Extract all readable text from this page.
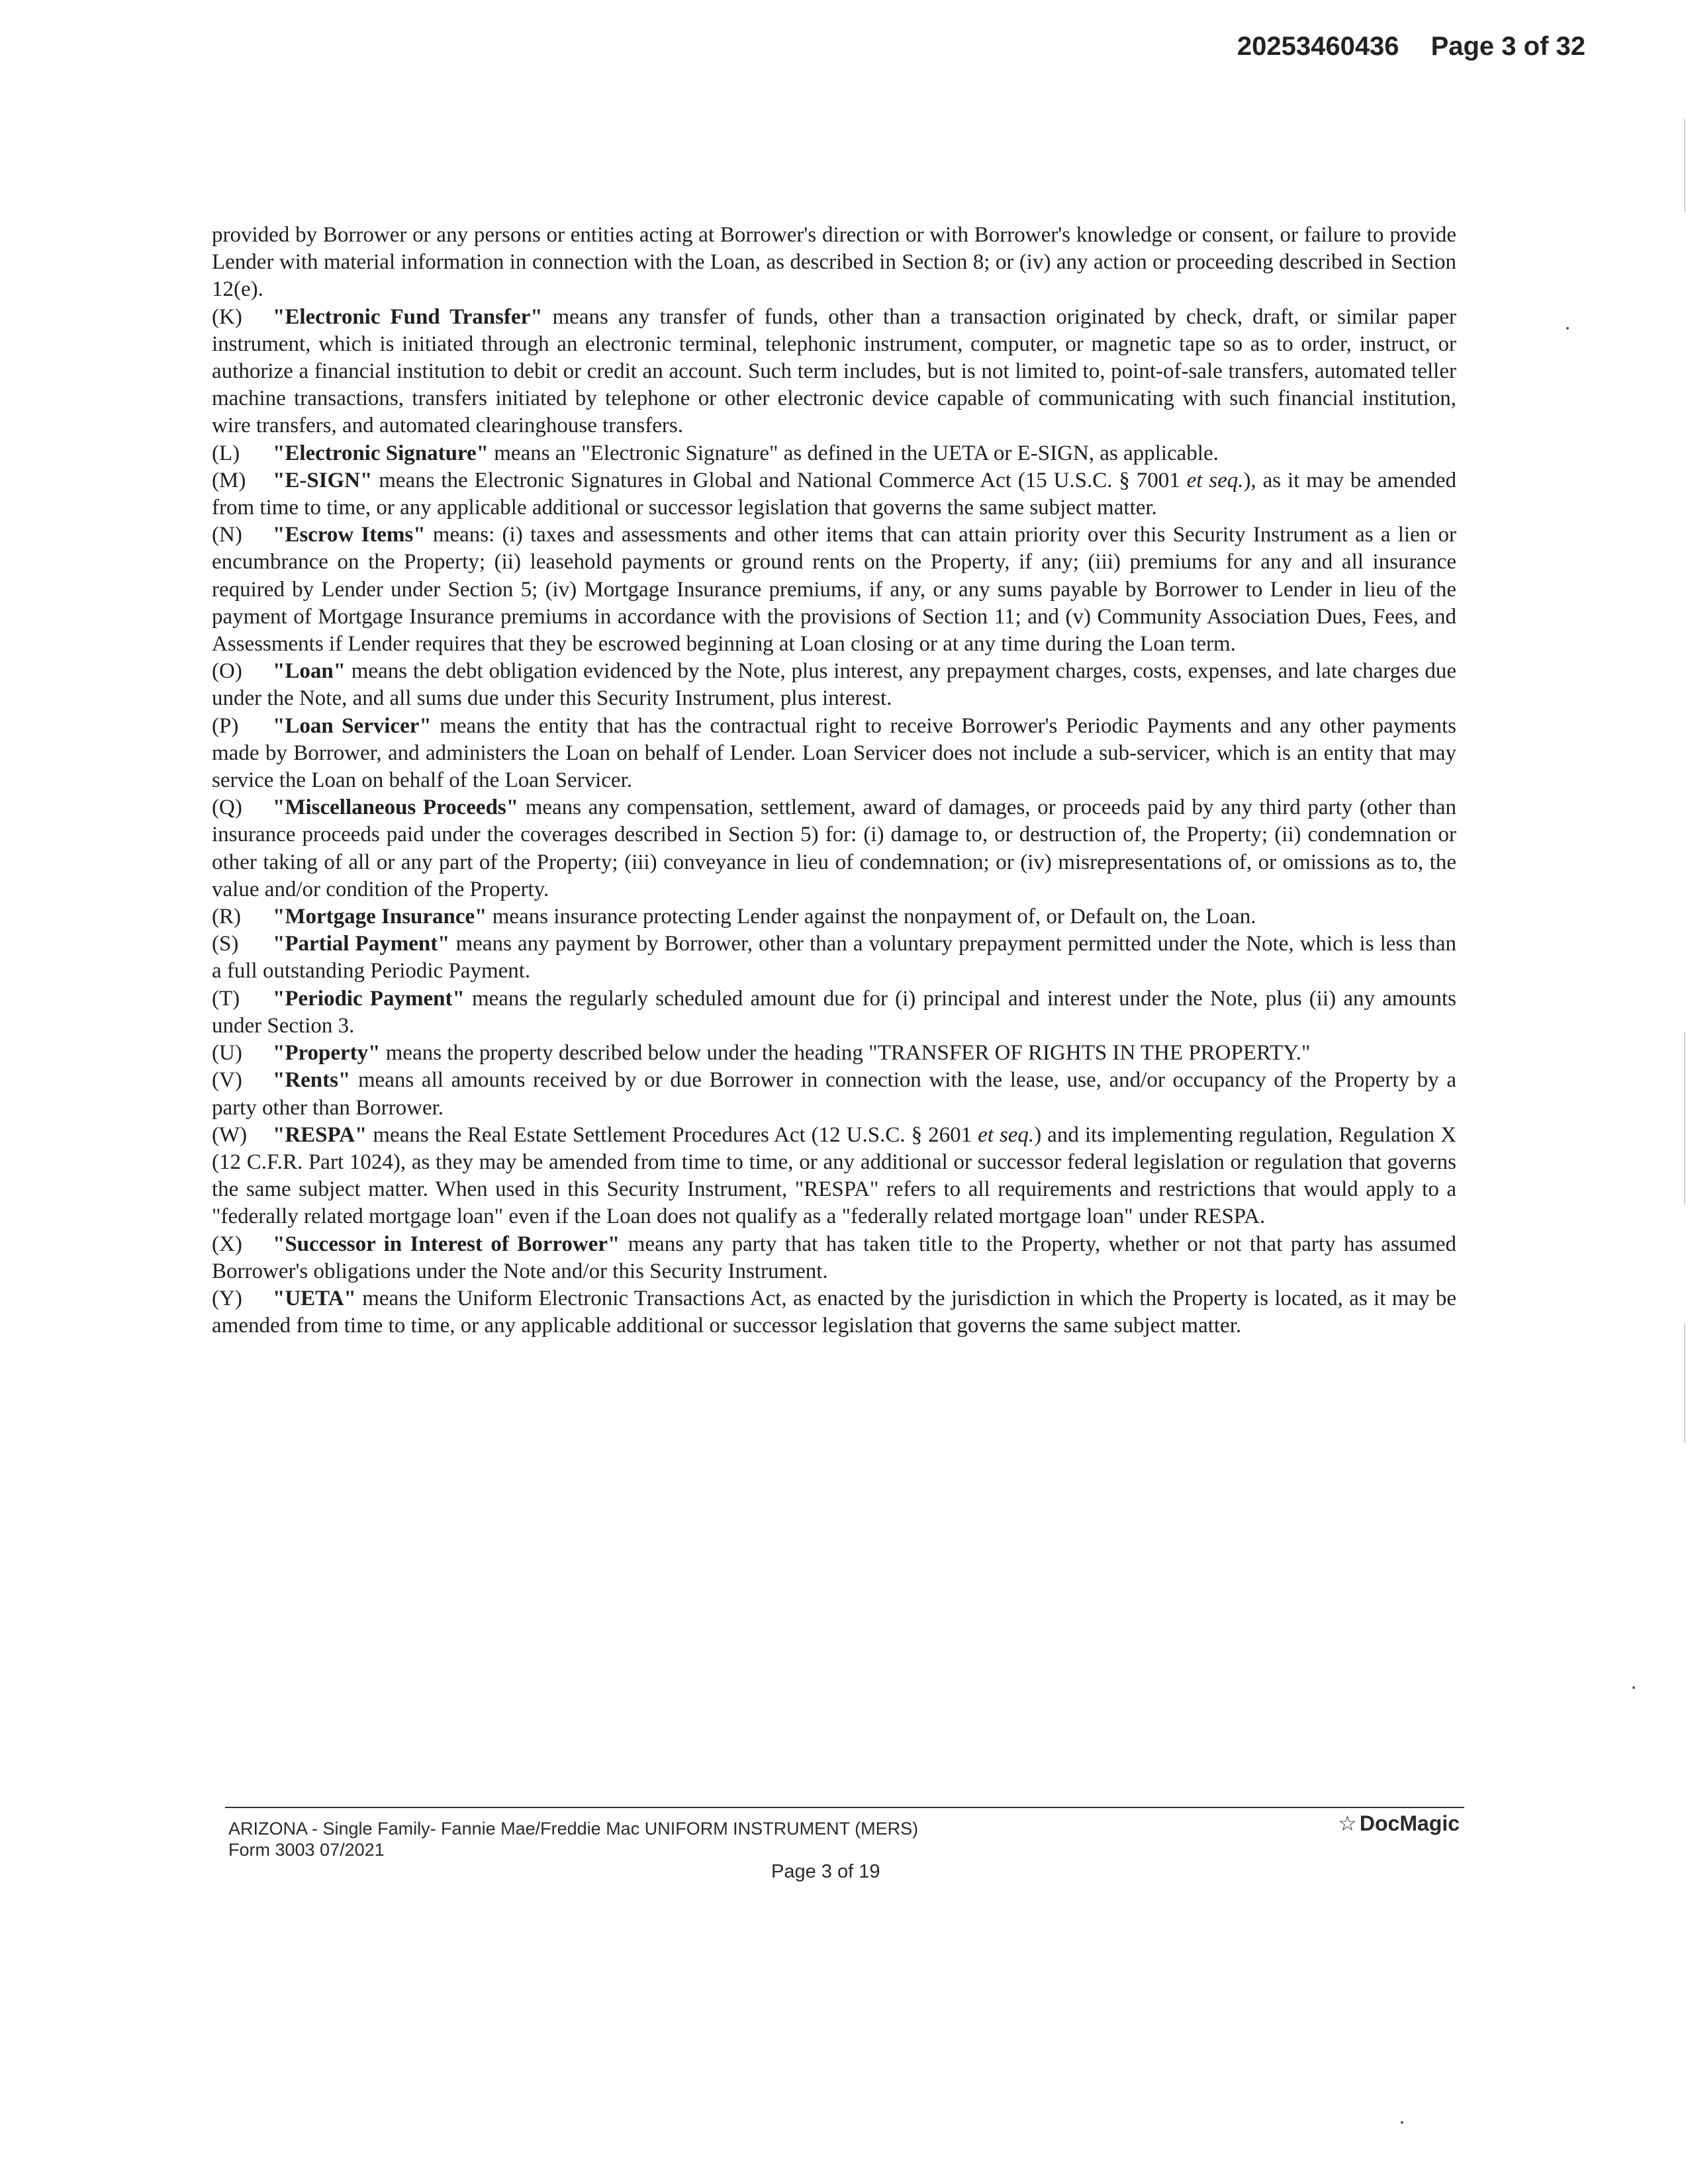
20253460436 Page 3 of 32

provided by Borrower or any persons or entities acting at Borrower's direction or with Borrower's knowledge or consent, or failure to provide Lender with material information in connection with the Loan, as described in Section 8; or (iv) any action or proceeding described in Section 12(e).

(K) "Electronic Fund Transfer" means any transfer of funds, other than a transaction originated by check, draft, or similar paper instrument, which is initiated through an electronic terminal, telephonic instrument, computer, or magnetic tape so as to order, instruct, or authorize a financial institution to debit or credit an account. Such term includes, but is not limited to, point-of-sale transfers, automated teller machine transactions, transfers initiated by telephone or other electronic device capable of communicating with such financial institution, wire transfers, and automated clearinghouse transfers.

(L) "Electronic Signature" means an "Electronic Signature" as defined in the UETA or E-SIGN, as applicable.

(M) "E-SIGN" means the Electronic Signatures in Global and National Commerce Act (15 U.S.C. § 7001 et seq.), as it may be amended from time to time, or any applicable additional or successor legislation that governs the same subject matter.

(N) "Escrow Items" means: (i) taxes and assessments and other items that can attain priority over this Security Instrument as a lien or encumbrance on the Property; (ii) leasehold payments or ground rents on the Property, if any; (iii) premiums for any and all insurance required by Lender under Section 5; (iv) Mortgage Insurance premiums, if any, or any sums payable by Borrower to Lender in lieu of the payment of Mortgage Insurance premiums in accordance with the provisions of Section 11; and (v) Community Association Dues, Fees, and Assessments if Lender requires that they be escrowed beginning at Loan closing or at any time during the Loan term.

(O) "Loan" means the debt obligation evidenced by the Note, plus interest, any prepayment charges, costs, expenses, and late charges due under the Note, and all sums due under this Security Instrument, plus interest.

(P) "Loan Servicer" means the entity that has the contractual right to receive Borrower's Periodic Payments and any other payments made by Borrower, and administers the Loan on behalf of Lender. Loan Servicer does not include a sub-servicer, which is an entity that may service the Loan on behalf of the Loan Servicer.

(Q) "Miscellaneous Proceeds" means any compensation, settlement, award of damages, or proceeds paid by any third party (other than insurance proceeds paid under the coverages described in Section 5) for: (i) damage to, or destruction of, the Property; (ii) condemnation or other taking of all or any part of the Property; (iii) conveyance in lieu of condemnation; or (iv) misrepresentations of, or omissions as to, the value and/or condition of the Property.

(R) "Mortgage Insurance" means insurance protecting Lender against the nonpayment of, or Default on, the Loan.

(S) "Partial Payment" means any payment by Borrower, other than a voluntary prepayment permitted under the Note, which is less than a full outstanding Periodic Payment.

(T) "Periodic Payment" means the regularly scheduled amount due for (i) principal and interest under the Note, plus (ii) any amounts under Section 3.

(U) "Property" means the property described below under the heading "TRANSFER OF RIGHTS IN THE PROPERTY."

(V) "Rents" means all amounts received by or due Borrower in connection with the lease, use, and/or occupancy of the Property by a party other than Borrower.

(W) "RESPA" means the Real Estate Settlement Procedures Act (12 U.S.C. § 2601 et seq.) and its implementing regulation, Regulation X (12 C.F.R. Part 1024), as they may be amended from time to time, or any additional or successor federal legislation or regulation that governs the same subject matter. When used in this Security Instrument, "RESPA" refers to all requirements and restrictions that would apply to a "federally related mortgage loan" even if the Loan does not qualify as a "federally related mortgage loan" under RESPA.

(X) "Successor in Interest of Borrower" means any party that has taken title to the Property, whether or not that party has assumed Borrower's obligations under the Note and/or this Security Instrument.

(Y) "UETA" means the Uniform Electronic Transactions Act, as enacted by the jurisdiction in which the Property is located, as it may be amended from time to time, or any applicable additional or successor legislation that governs the same subject matter.

ARIZONA - Single Family- Fannie Mae/Freddie Mac UNIFORM INSTRUMENT (MERS)
Form 3003 07/2021
Page 3 of 19
☆ DocMagic
